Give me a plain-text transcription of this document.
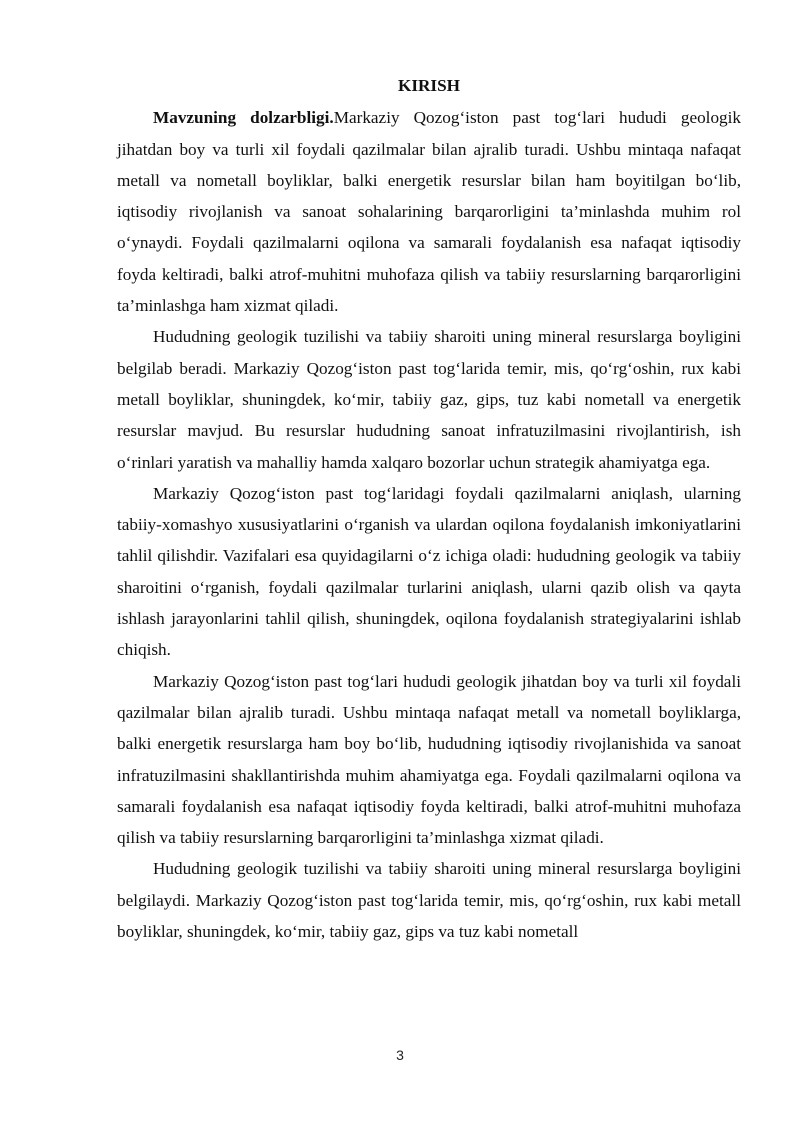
KIRISH

Mavzuning dolzarbligi.Markaziy Qozog‘iston past tog‘lari hududi geologik jihatdan boy va turli xil foydali qazilmalar bilan ajralib turadi. Ushbu mintaqa nafaqat metall va nometall boyliklar, balki energetik resurslar bilan ham boyitilgan bo‘lib, iqtisodiy rivojlanish va sanoat sohalarining barqarorligini ta’minlashda muhim rol o‘ynaydi. Foydali qazilmalarni oqilona va samarali foydalanish esa nafaqat iqtisodiy foyda keltiradi, balki atrof-muhitni muhofaza qilish va tabiiy resurslarning barqarorligini ta’minlashga ham xizmat qiladi.

Hududning geologik tuzilishi va tabiiy sharoiti uning mineral resurslarga boyligini belgilab beradi. Markaziy Qozog‘iston past tog‘larida temir, mis, qo‘rg‘oshin, rux kabi metall boyliklar, shuningdek, ko‘mir, tabiiy gaz, gips, tuz kabi nometall va energetik resurslar mavjud. Bu resurslar hududning sanoat infratuzilmasini rivojlantirish, ish o‘rinlari yaratish va mahalliy hamda xalqaro bozorlar uchun strategik ahamiyatga ega.

Markaziy Qozog‘iston past tog‘laridagi foydali qazilmalarni aniqlash, ularning tabiiy-xomashyo xususiyatlarini o‘rganish va ulardan oqilona foydalanish imkoniyatlarini tahlil qilishdir. Vazifalari esa quyidagilarni o‘z ichiga oladi: hududning geologik va tabiiy sharoitini o‘rganish, foydali qazilmalar turlarini aniqlash, ularni qazib olish va qayta ishlash jarayonlarini tahlil qilish, shuningdek, oqilona foydalanish strategiyalarini ishlab chiqish.

Markaziy Qozog‘iston past tog‘lari hududi geologik jihatdan boy va turli xil foydali qazilmalar bilan ajralib turadi. Ushbu mintaqa nafaqat metall va nometall boyliklarga, balki energetik resurslarga ham boy bo‘lib, hududning iqtisodiy rivojlanishida va sanoat infratuzilmasini shakllantirishda muhim ahamiyatga ega. Foydali qazilmalarni oqilona va samarali foydalanish esa nafaqat iqtisodiy foyda keltiradi, balki atrof-muhitni muhofaza qilish va tabiiy resurslarning barqarorligini ta’minlashga xizmat qiladi.

Hududning geologik tuzilishi va tabiiy sharoiti uning mineral resurslarga boyligini belgilaydi. Markaziy Qozog‘iston past tog‘larida temir, mis, qo‘rg‘oshin, rux kabi metall boyliklar, shuningdek, ko‘mir, tabiiy gaz, gips va tuz kabi nometall

3
